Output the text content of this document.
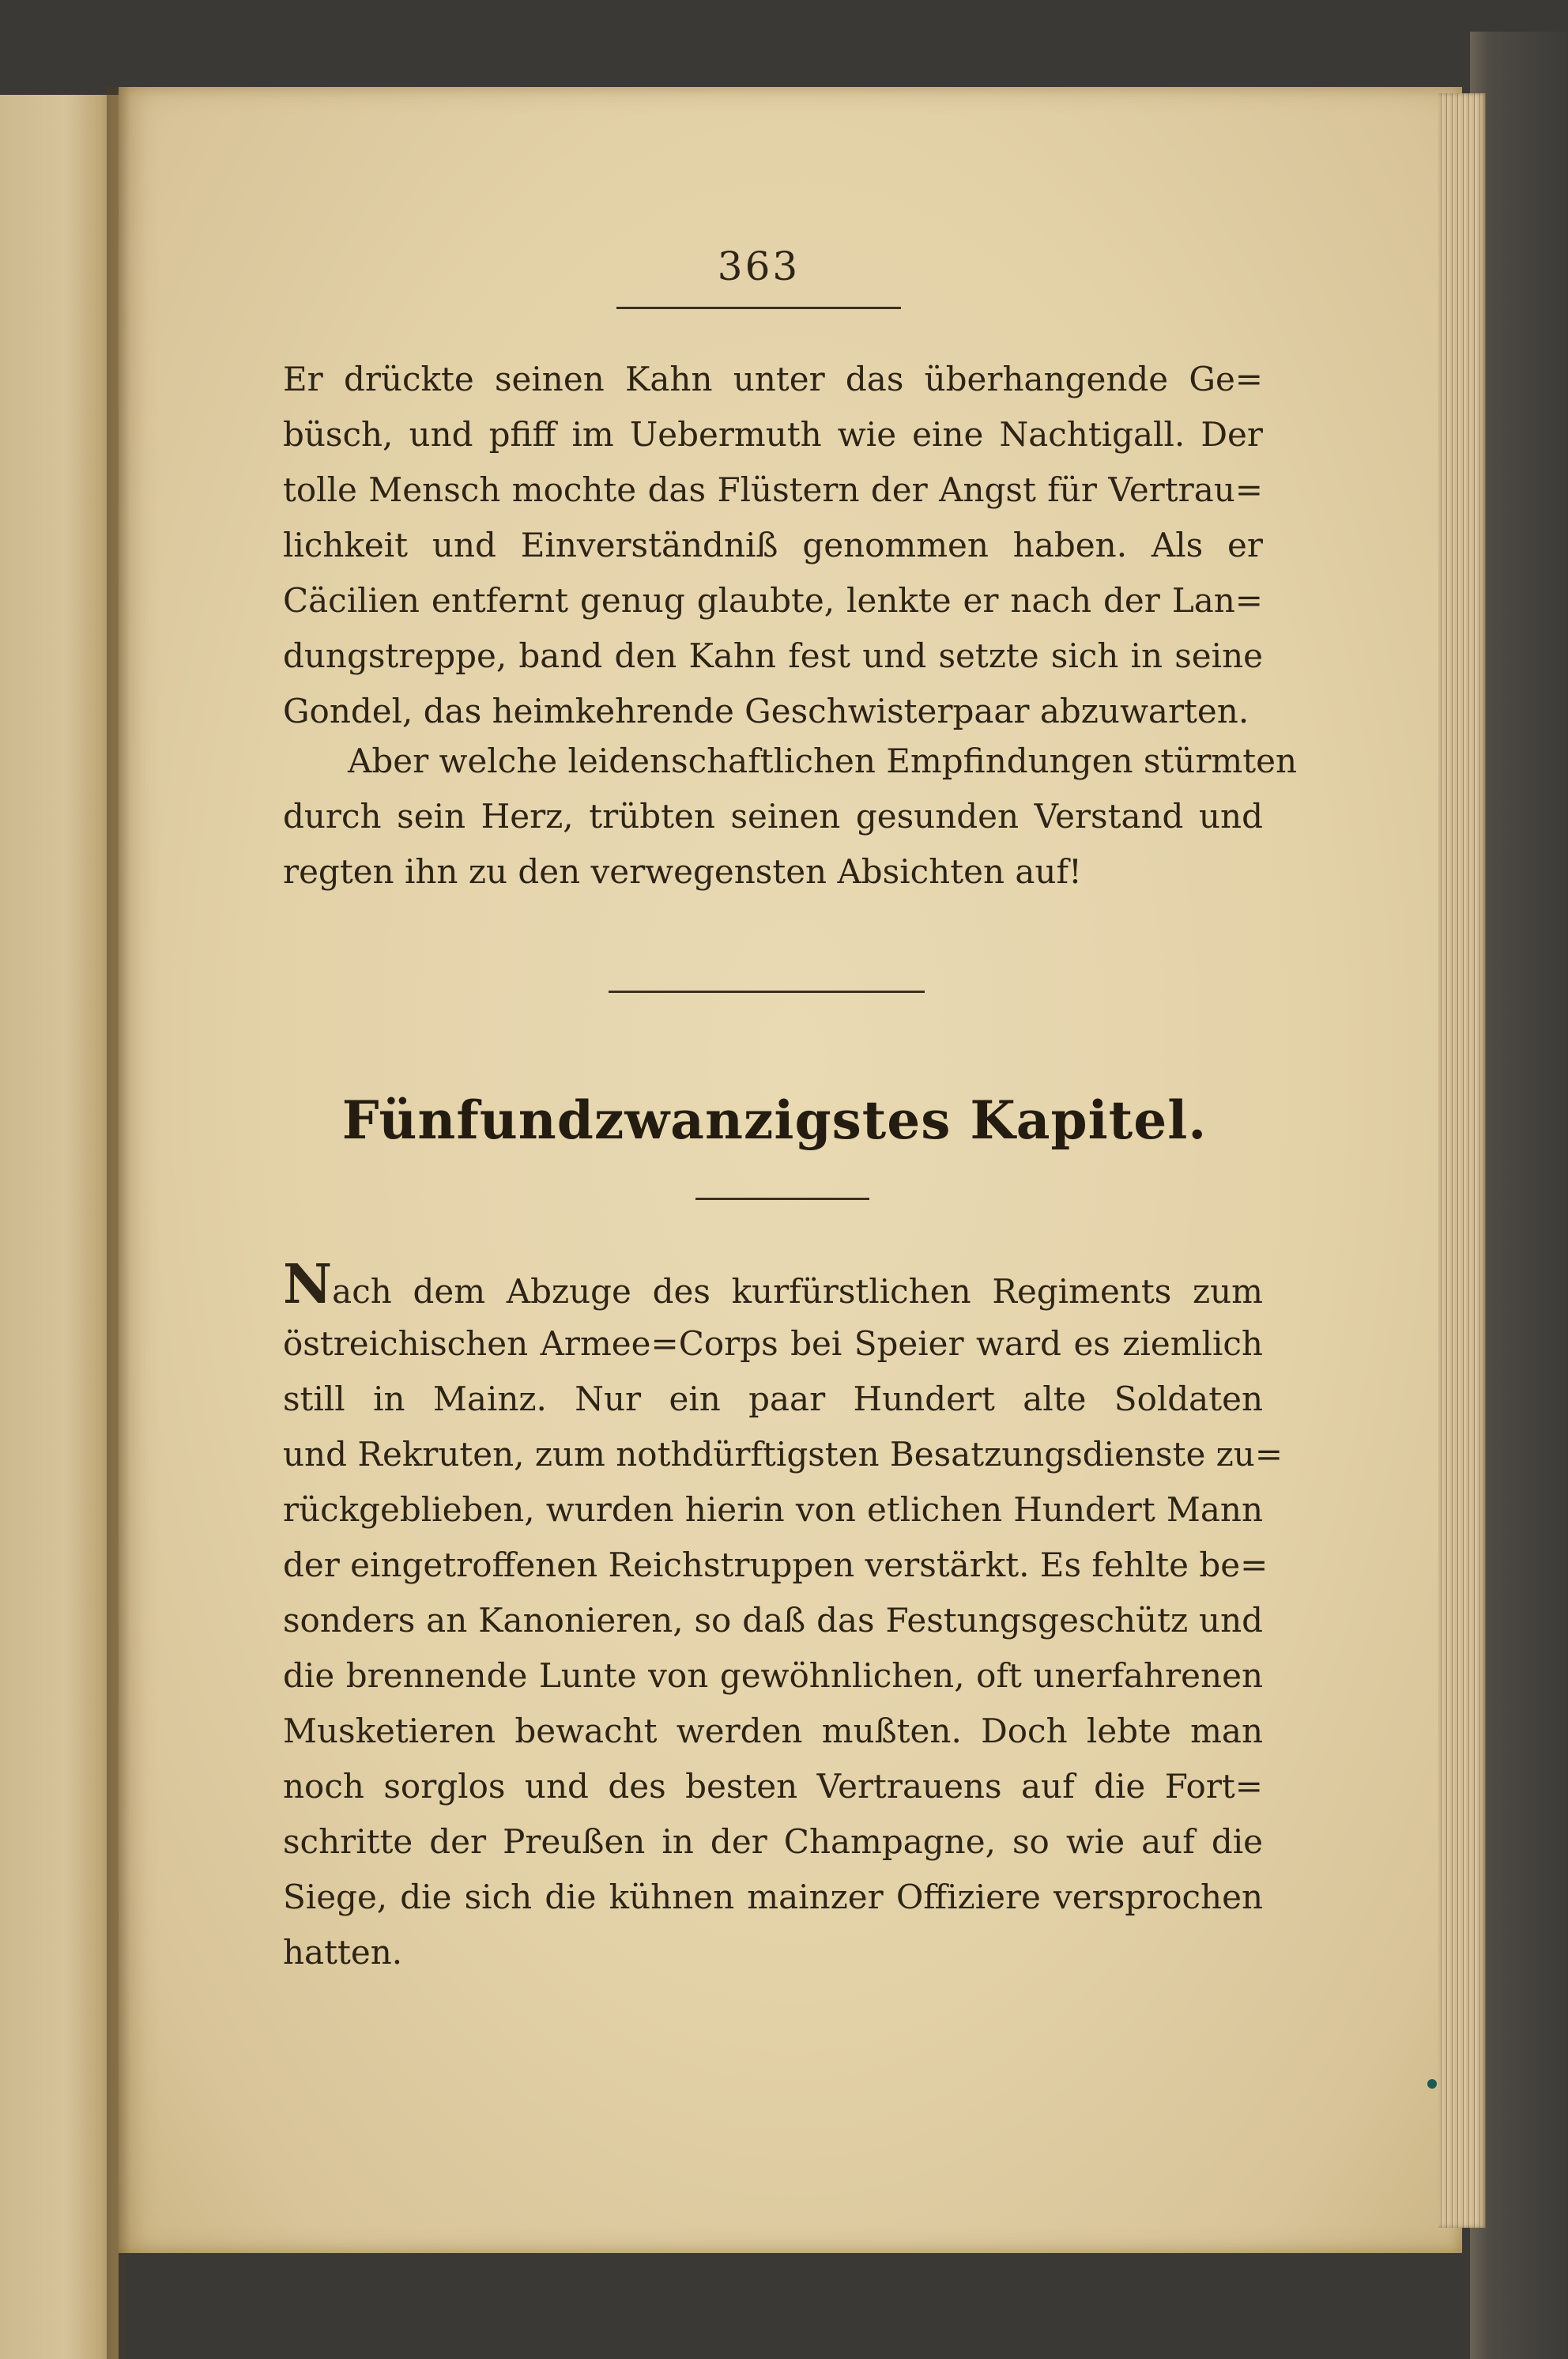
363
Er drückte seinen Kahn unter das überhangende Ge=
büsch, und pfiff im Uebermuth wie eine Nachtigall. Der
tolle Mensch mochte das Flüstern der Angst für Vertrau=
lichkeit und Einverständniß genommen haben. Als er
Cäcilien entfernt genug glaubte, lenkte er nach der Lan=
dungstreppe, band den Kahn fest und setzte sich in seine
Gondel, das heimkehrende Geschwisterpaar abzuwarten.
Aber welche leidenschaftlichen Empfindungen stürmten
durch sein Herz, trübten seinen gesunden Verstand und
regten ihn zu den verwegensten Absichten auf!
Fünfundzwanzigstes Kapitel.
Nach dem Abzuge des kurfürstlichen Regiments zum
östreichischen Armee=Corps bei Speier ward es ziemlich
still in Mainz. Nur ein paar Hundert alte Soldaten
und Rekruten, zum nothdürftigsten Besatzungsdienste zu=
rückgeblieben, wurden hierin von etlichen Hundert Mann
der eingetroffenen Reichstruppen verstärkt. Es fehlte be=
sonders an Kanonieren, so daß das Festungsgeschütz und
die brennende Lunte von gewöhnlichen, oft unerfahrenen
Musketieren bewacht werden mußten. Doch lebte man
noch sorglos und des besten Vertrauens auf die Fort=
schritte der Preußen in der Champagne, so wie auf die
Siege, die sich die kühnen mainzer Offiziere versprochen
hatten.
